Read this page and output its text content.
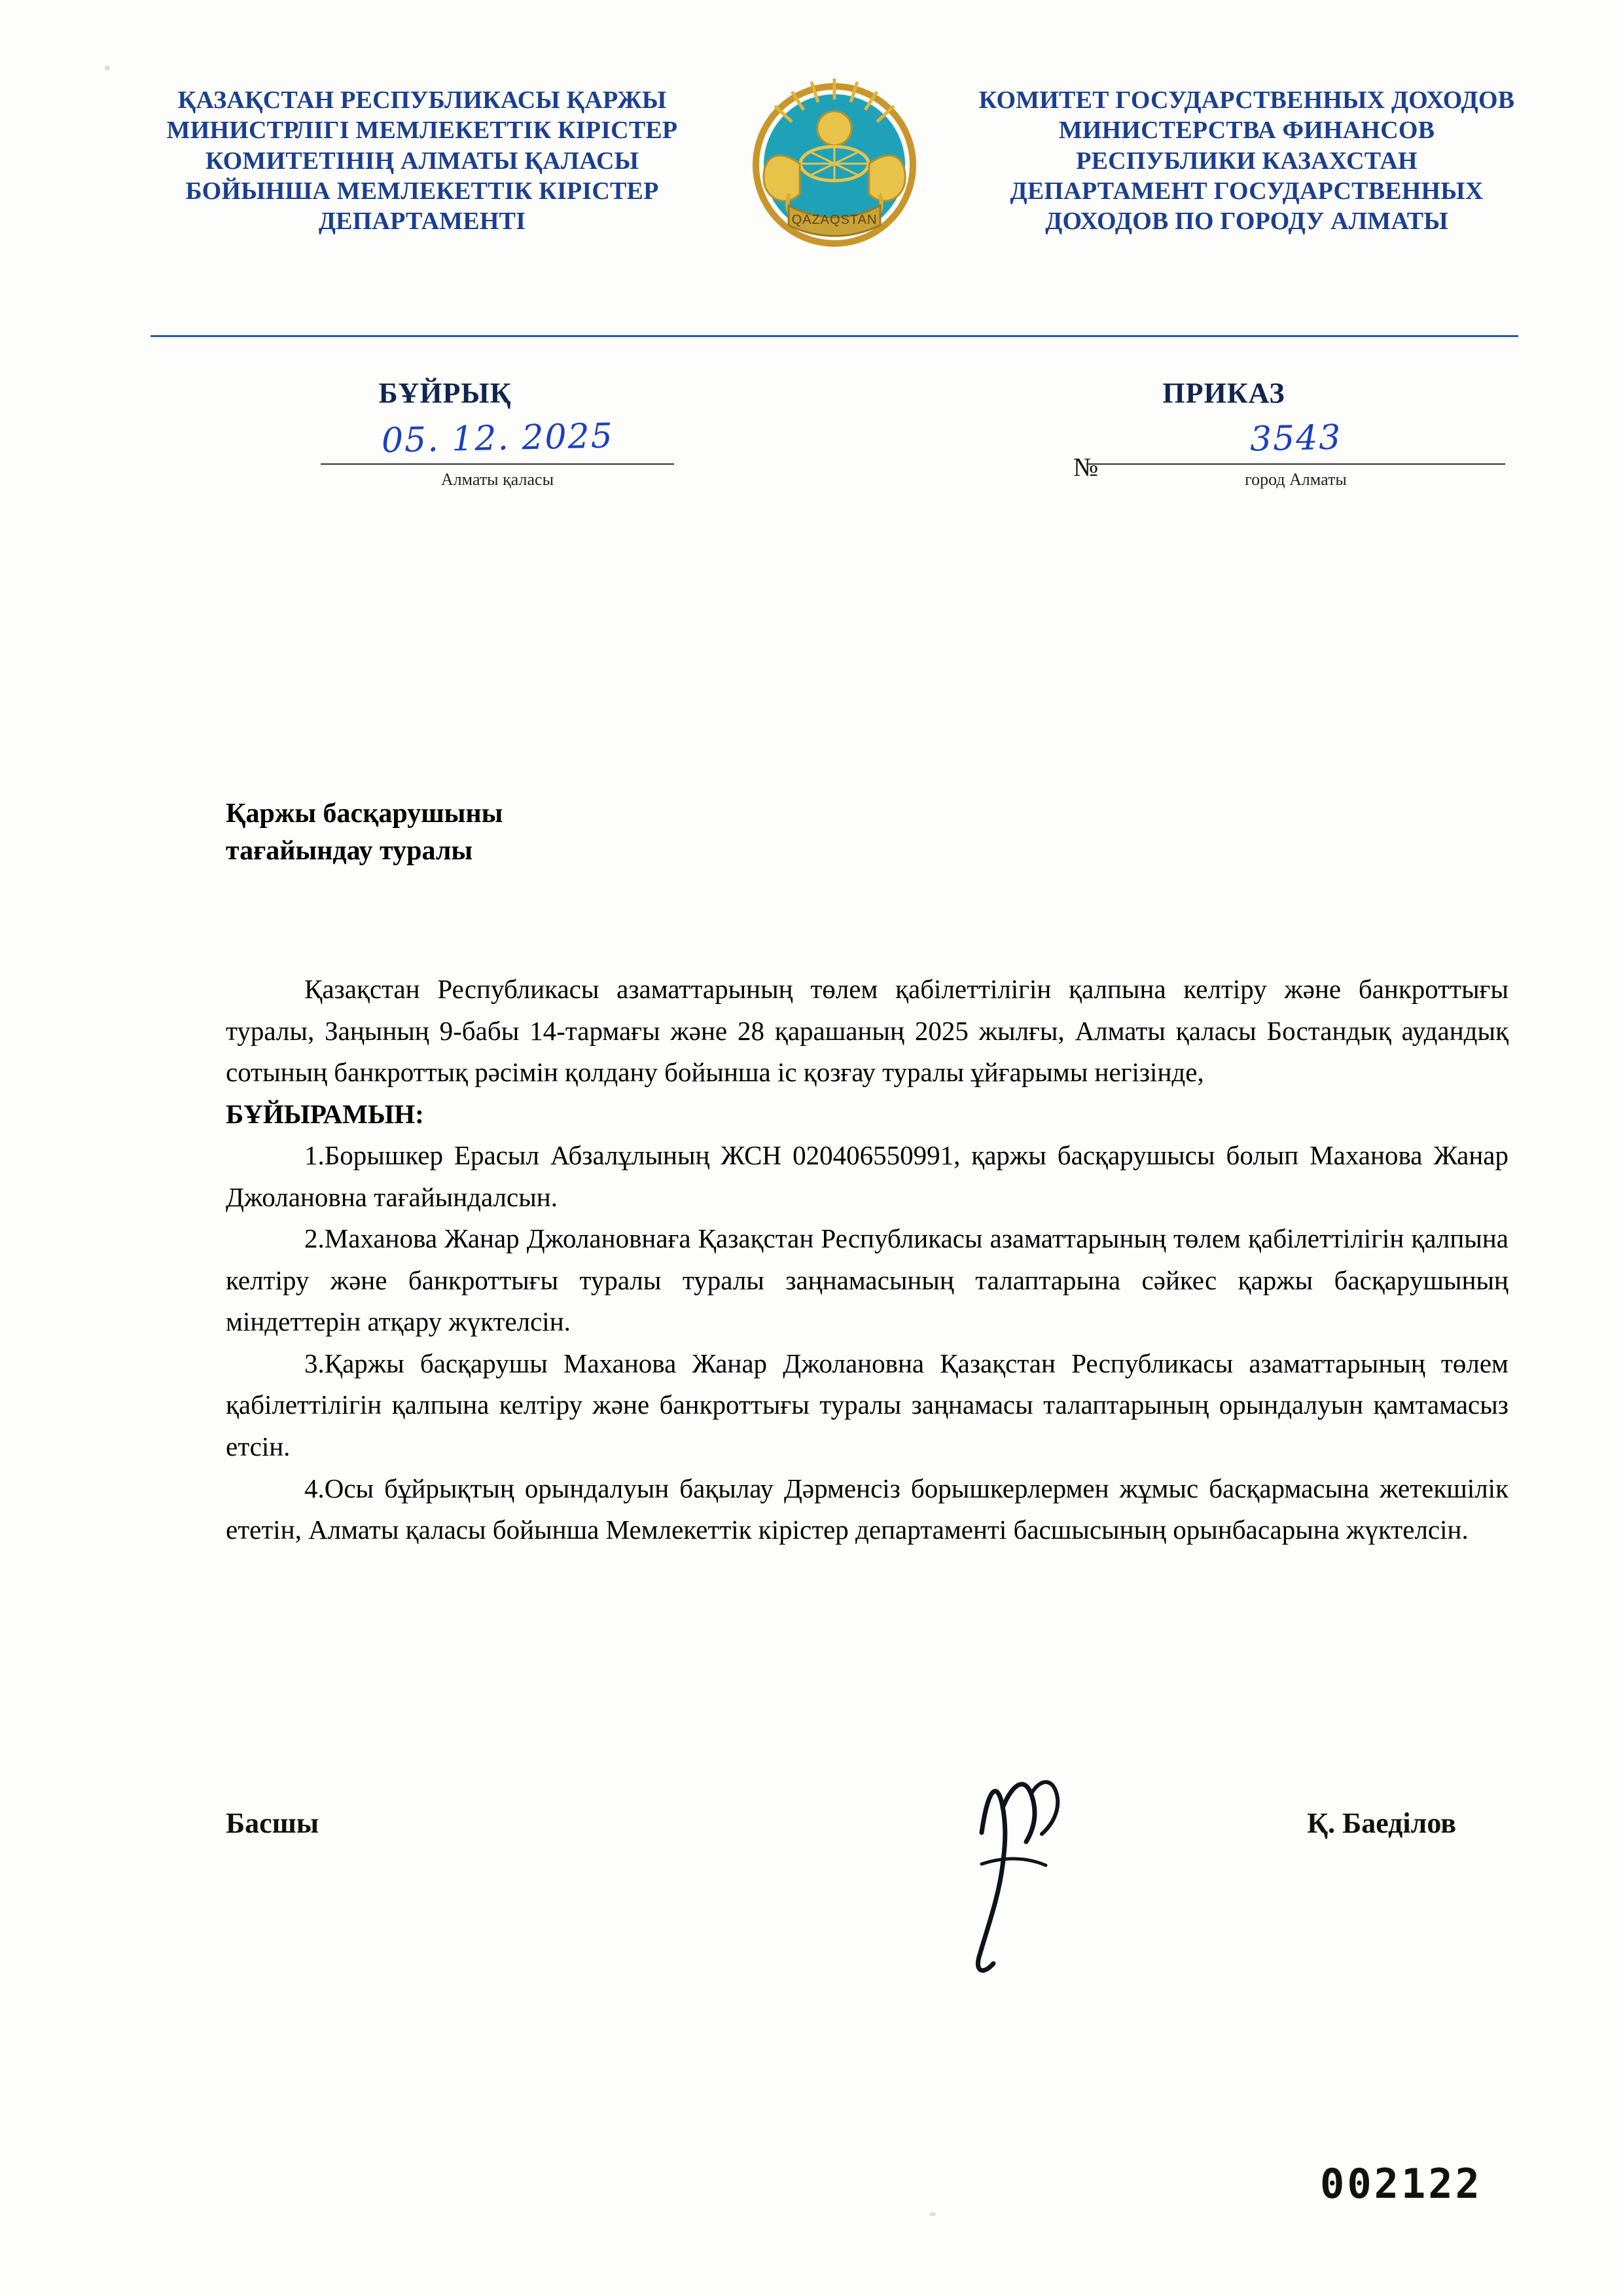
ҚАЗАҚСТАН РЕСПУБЛИКАСЫ ҚАРЖЫ МИНИСТРЛІГІ МЕМЛЕКЕТТІК КІРІСТЕР КОМИТЕТІНІҢ АЛМАТЫ ҚАЛАСЫ БОЙЫНША МЕМЛЕКЕТТІК КІРІСТЕР ДЕПАРТАМЕНТІ	QAZAQSTAN
КОМИТЕТ ГОСУДАРСТВЕННЫХ ДОХОДОВ МИНИСТЕРСТВА ФИНАНСОВ РЕСПУБЛИКИ КАЗАХСТАН ДЕПАРТАМЕНТ ГОСУДАРСТВЕННЫХ ДОХОДОВ ПО ГОРОДУ АЛМАТЫ
БҰЙРЫҚ	ПРИКАЗ
05. 12. 2025
Алматы қаласы	№
3543
город Алматы
Қаржы басқарушыны
тағайындау туралы

Қазақстан Республикасы азаматтарының төлем қабілеттілігін қалпына келтіру және банкроттығы туралы, Заңының 9-бабы 14-тармағы және 28 қарашаның 2025 жылғы, Алматы қаласы Бостандық аудандық сотының банкроттық рәсімін қолдану бойынша іс қозғау туралы ұйғарымы негізінде,

БҰЙЫРАМЫН:

1.Борышкер Ерасыл Абзалұлының ЖСН 020406550991, қаржы басқарушысы болып Маханова Жанар Джолановна тағайындалсын.

2.Маханова Жанар Джолановнаға Қазақстан Республикасы азаматтарының төлем қабілеттілігін қалпына келтіру және банкроттығы туралы туралы заңнамасының талаптарына сәйкес қаржы басқарушының міндеттерін атқару жүктелсін.

3.Қаржы басқарушы Маханова Жанар Джолановна Қазақстан Республикасы азаматтарының төлем қабілеттілігін қалпына келтіру және банкроттығы туралы заңнамасы талаптарының орындалуын қамтамасыз етсін.

4.Осы бұйрықтың орындалуын бақылау Дәрменсіз борышкерлермен жұмыс басқармасына жетекшілік ететін, Алматы қаласы бойынша Мемлекеттік кірістер департаменті басшысының орынбасарына жүктелсін.

Басшы	Қ. Баеділов
002122
